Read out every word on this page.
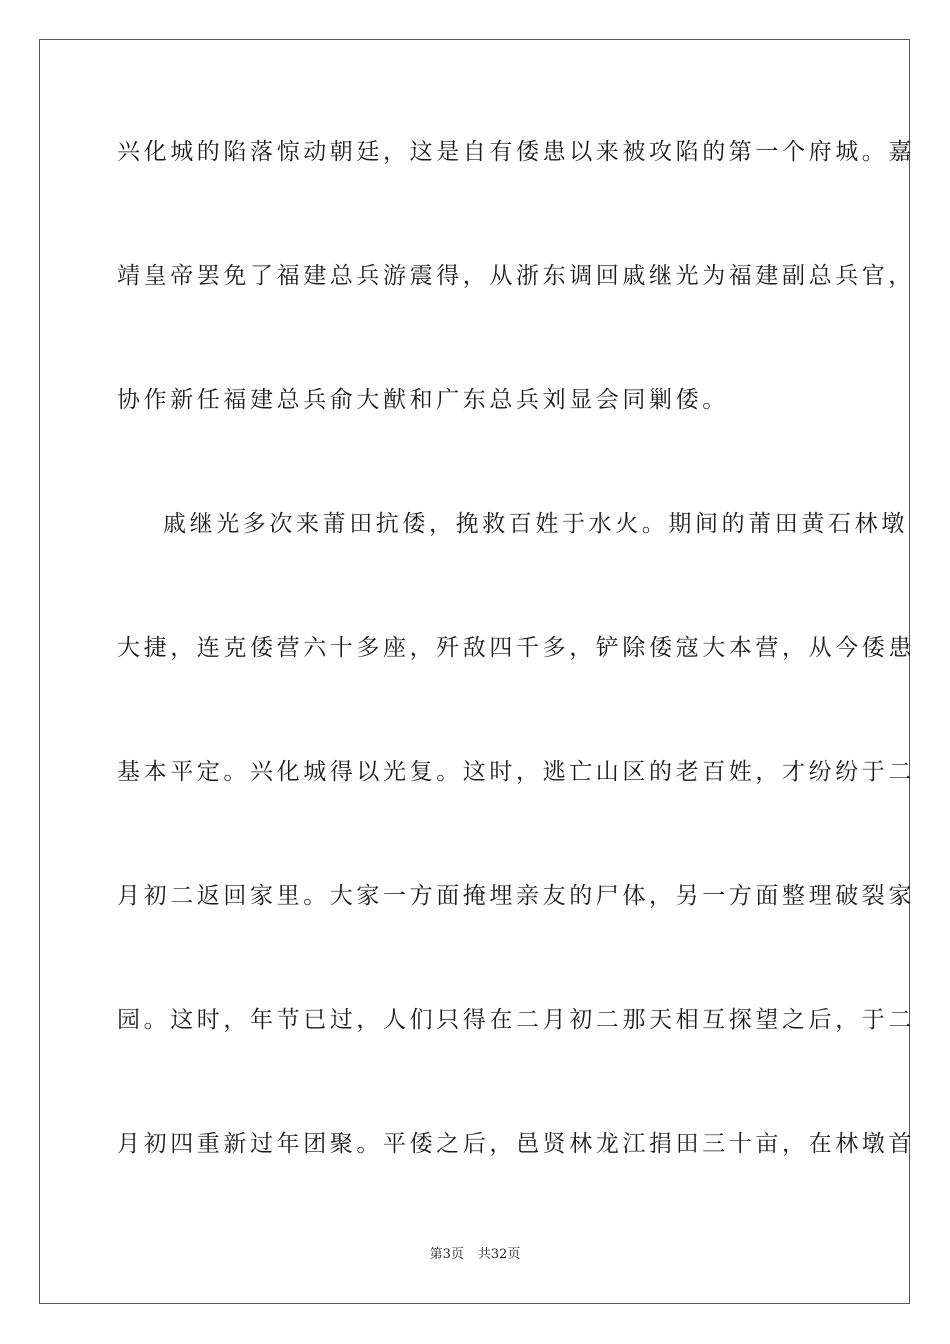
兴化城的陷落惊动朝廷，这是自有倭患以来被攻陷的第一个府城。嘉
靖皇帝罢免了福建总兵游震得，从浙东调回戚继光为福建副总兵官，
协作新任福建总兵俞大猷和广东总兵刘显会同剿倭。
戚继光多次来莆田抗倭，挽救百姓于水火。期间的莆田黄石林墩
大捷，连克倭营六十多座，歼敌四千多，铲除倭寇大本营，从今倭患
基本平定。兴化城得以光复。这时，逃亡山区的老百姓，才纷纷于二
月初二返回家里。大家一方面掩埋亲友的尸体，另一方面整理破裂家
园。这时，年节已过，人们只得在二月初二那天相互探望之后，于二
月初四重新过年团聚。平倭之后，邑贤林龙江捐田三十亩，在林墩首
第3页 共32页
